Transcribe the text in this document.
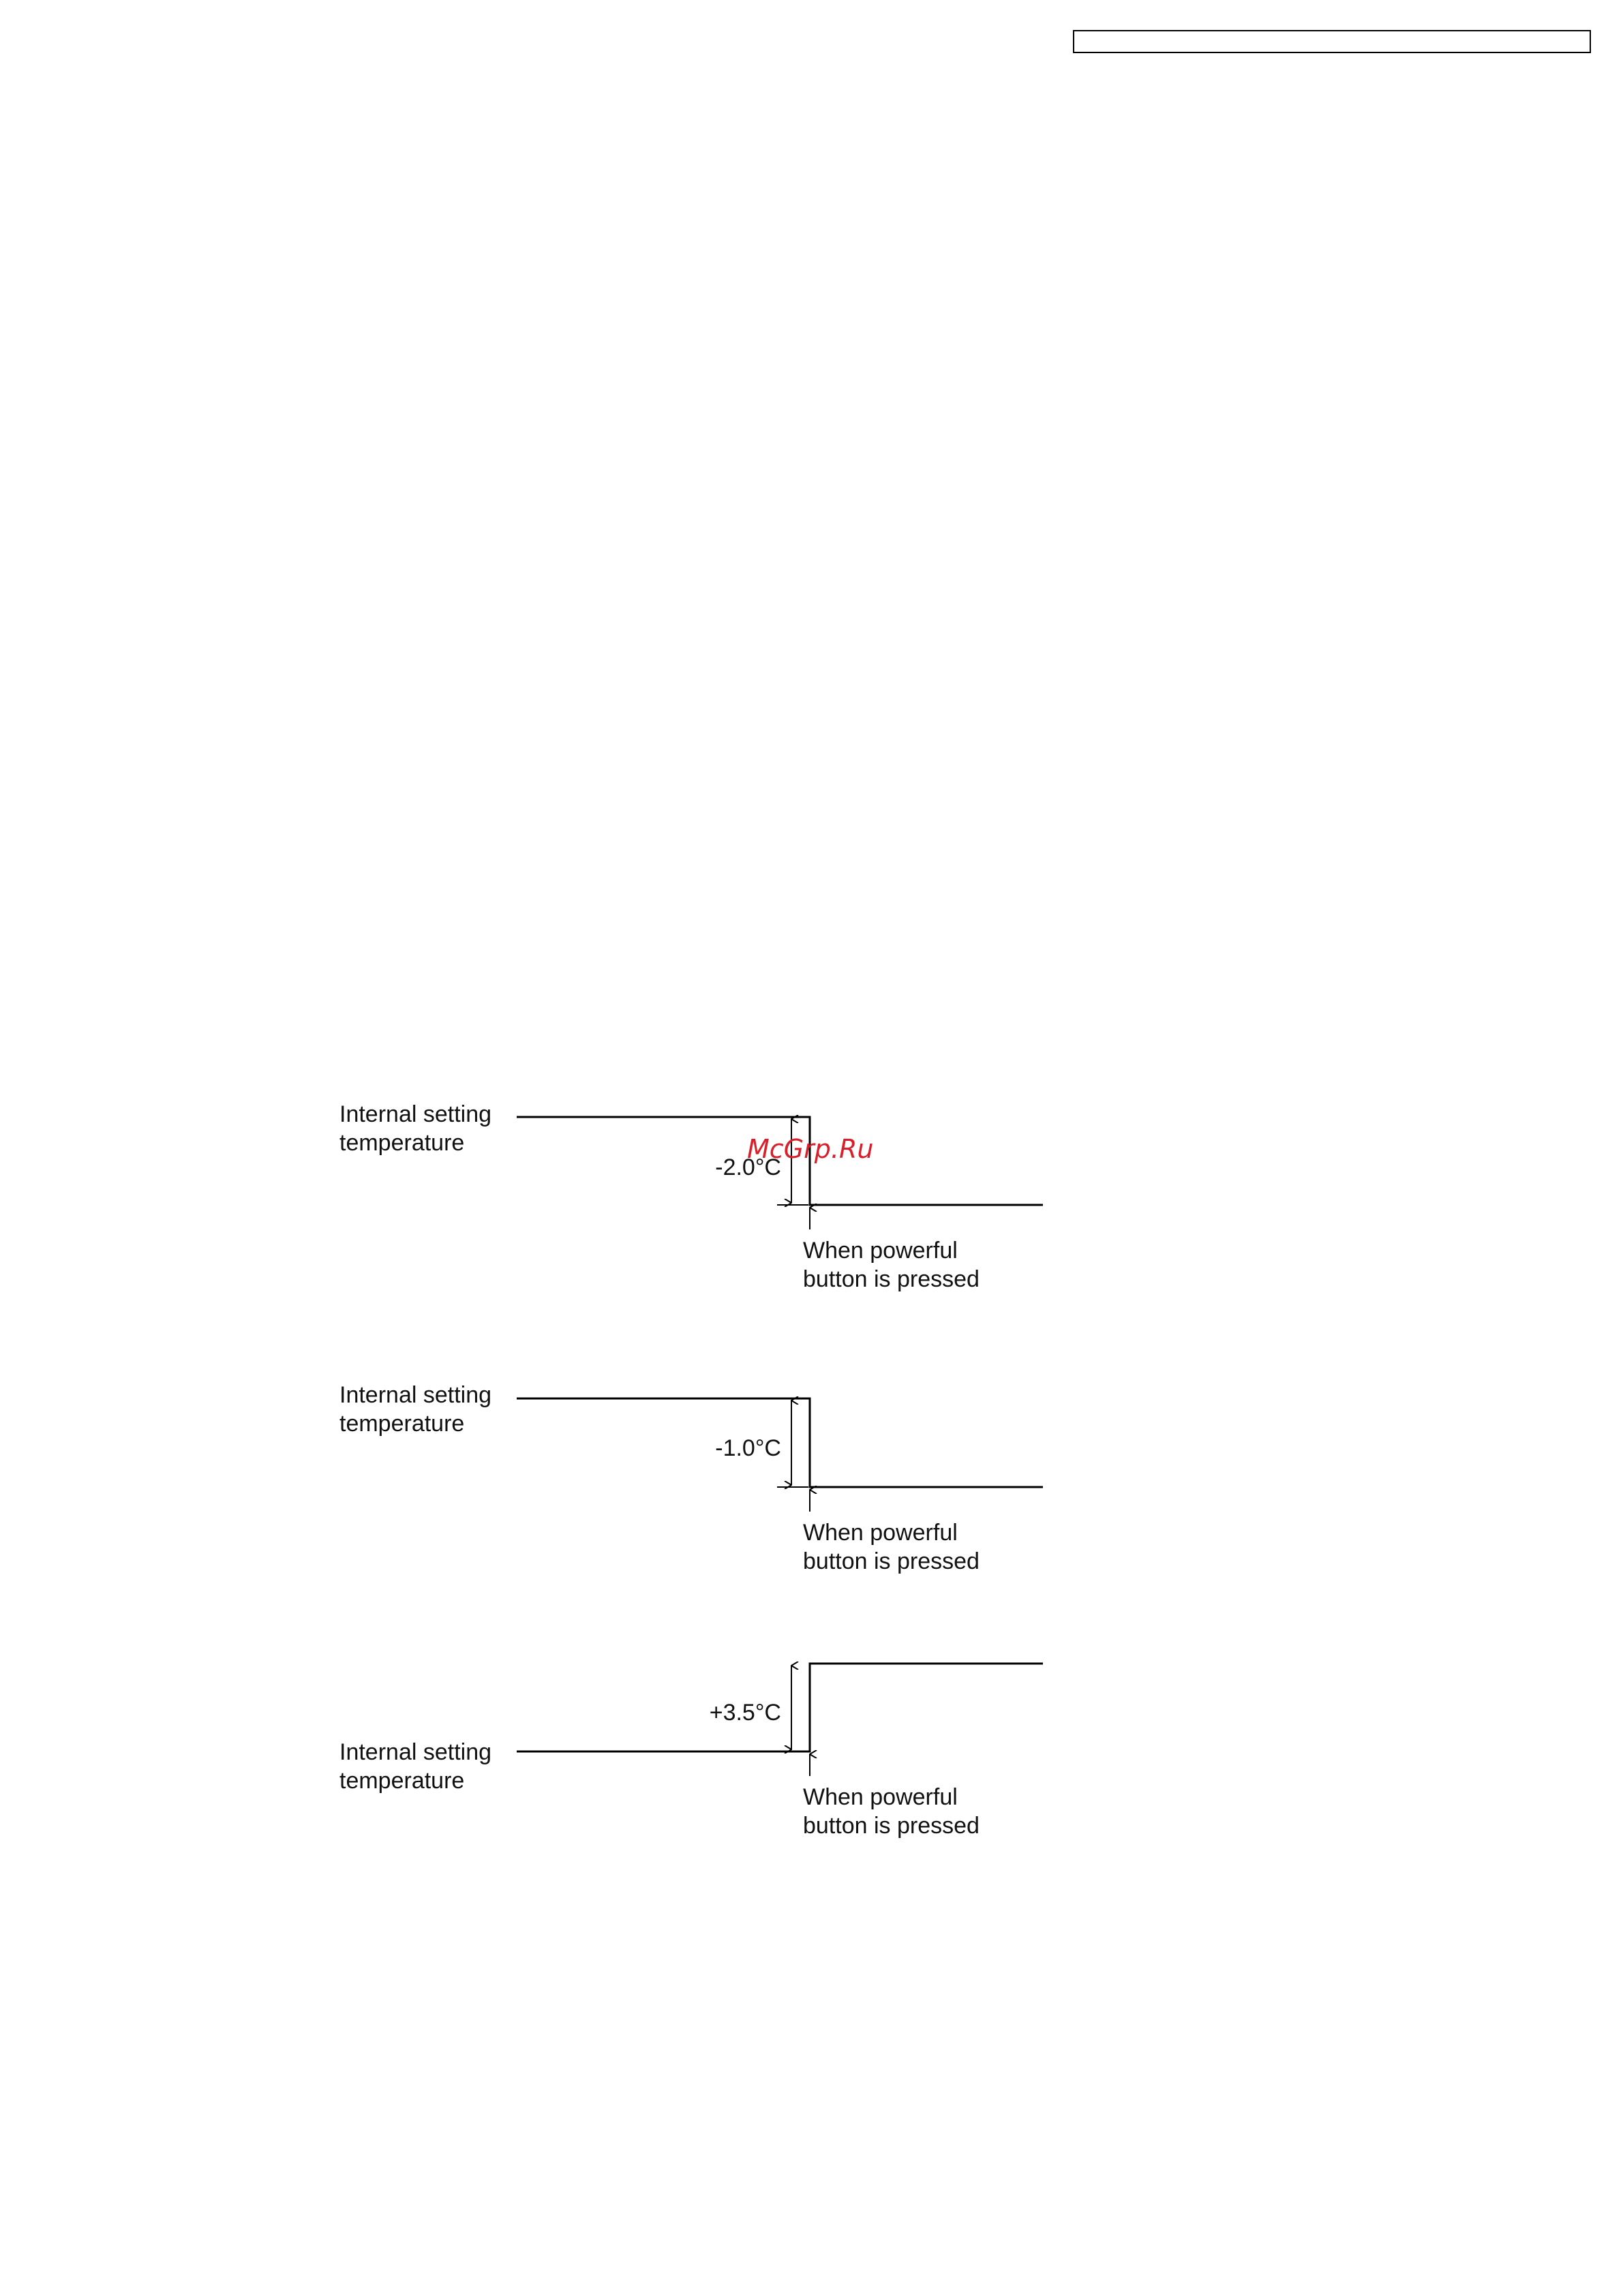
Internal setting
temperature
-2.0°C
When powerful
button is pressed
McGrp.Ru
Internal setting
temperature
-1.0°C
When powerful
button is pressed
Internal setting
temperature
+3.5°C
When powerful
button is pressed
